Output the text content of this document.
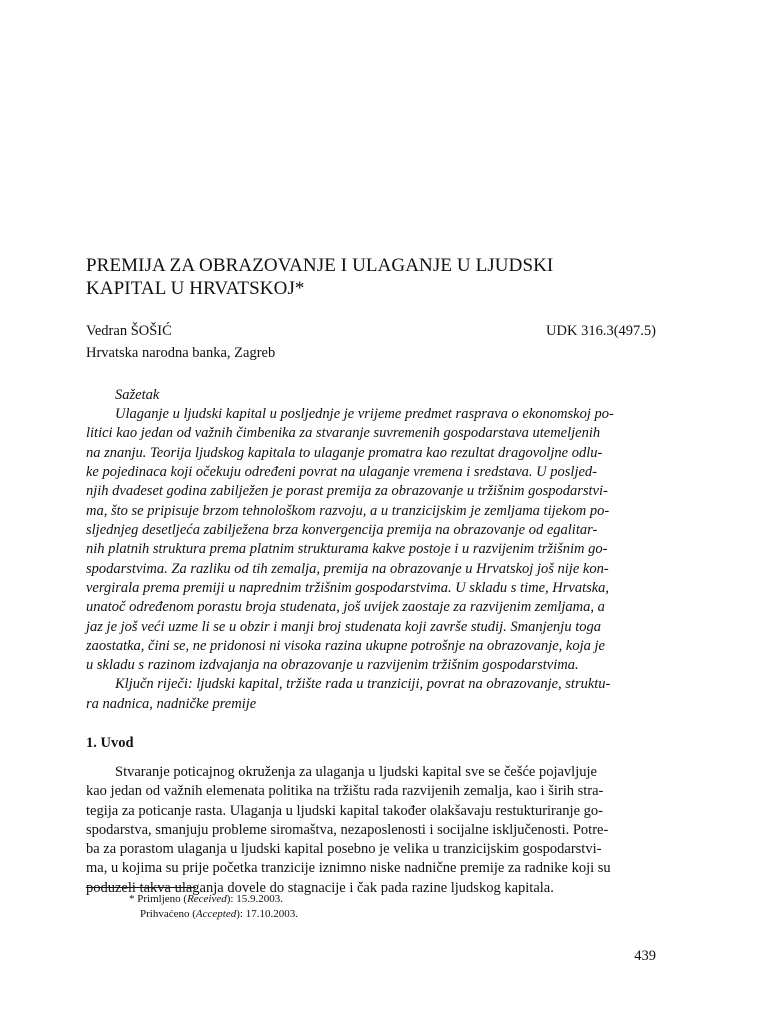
PREMIJA ZA OBRAZOVANJE I ULAGANJE U LJUDSKI
KAPITAL U HRVATSKOJ*
Vedran ŠOŠIĆ	UDK 316.3(497.5)
Hrvatska narodna banka, Zagreb
Sažetak
Ulaganje u ljudski kapital u posljednje je vrijeme predmet rasprava o ekonomskoj po-
litici kao jedan od važnih čimbenika za stvaranje suvremenih gospodarstava utemeljenih
na znanju. Teorija ljudskog kapitala to ulaganje promatra kao rezultat dragovoljne odlu-
ke pojedinaca koji očekuju određeni povrat na ulaganje vremena i sredstava. U posljed-
njih dvadeset godina zabilježen je porast premija za obrazovanje u tržišnim gospodarstvi-
ma, što se pripisuje brzom tehnološkom razvoju, a u tranzicijskim je zemljama tijekom po-
sljednjeg desetljeća zabilježena brza konvergencija premija na obrazovanje od egalitar-
nih platnih struktura prema platnim strukturama kakve postoje i u razvijenim tržišnim go-
spodarstvima. Za razliku od tih zemalja, premija na obrazovanje u Hrvatskoj još nije kon-
vergirala prema premiji u naprednim tržišnim gospodarstvima. U skladu s time, Hrvatska,
unatoč određenom porastu broja studenata, još uvijek zaostaje za razvijenim zemljama, a
jaz je još veći uzme li se u obzir i manji broj studenata koji završe studij. Smanjenju toga
zaostatka, čini se, ne pridonosi ni visoka razina ukupne potrošnje na obrazovanje, koja je
u skladu s razinom izdvajanja na obrazovanje u razvijenim tržišnim gospodarstvima.
Ključn riječi: ljudski kapital, tržište rada u tranziciji, povrat na obrazovanje, struktu-
ra nadnica, nadničke premije
1. Uvod
Stvaranje poticajnog okruženja za ulaganja u ljudski kapital sve se češće pojavljuje
kao jedan od važnih elemenata politika na tržištu rada razvijenih zemalja, kao i širih stra-
tegija za poticanje rasta. Ulaganja u ljudski kapital također olakšavaju restukturiranje go-
spodarstva, smanjuju probleme siromaštva, nezaposlenosti i socijalne isključenosti. Potre-
ba za porastom ulaganja u ljudski kapital posebno je velika u tranzicijskim gospodarstvi-
ma, u kojima su prije početka tranzicije iznimno niske nadnične premije za radnike koji su
poduzeli takva ulaganja dovele do stagnacije i čak pada razine ljudskog kapitala.
* Primljeno (Received): 15.9.2003.
Prihvaćeno (Accepted): 17.10.2003.
439
